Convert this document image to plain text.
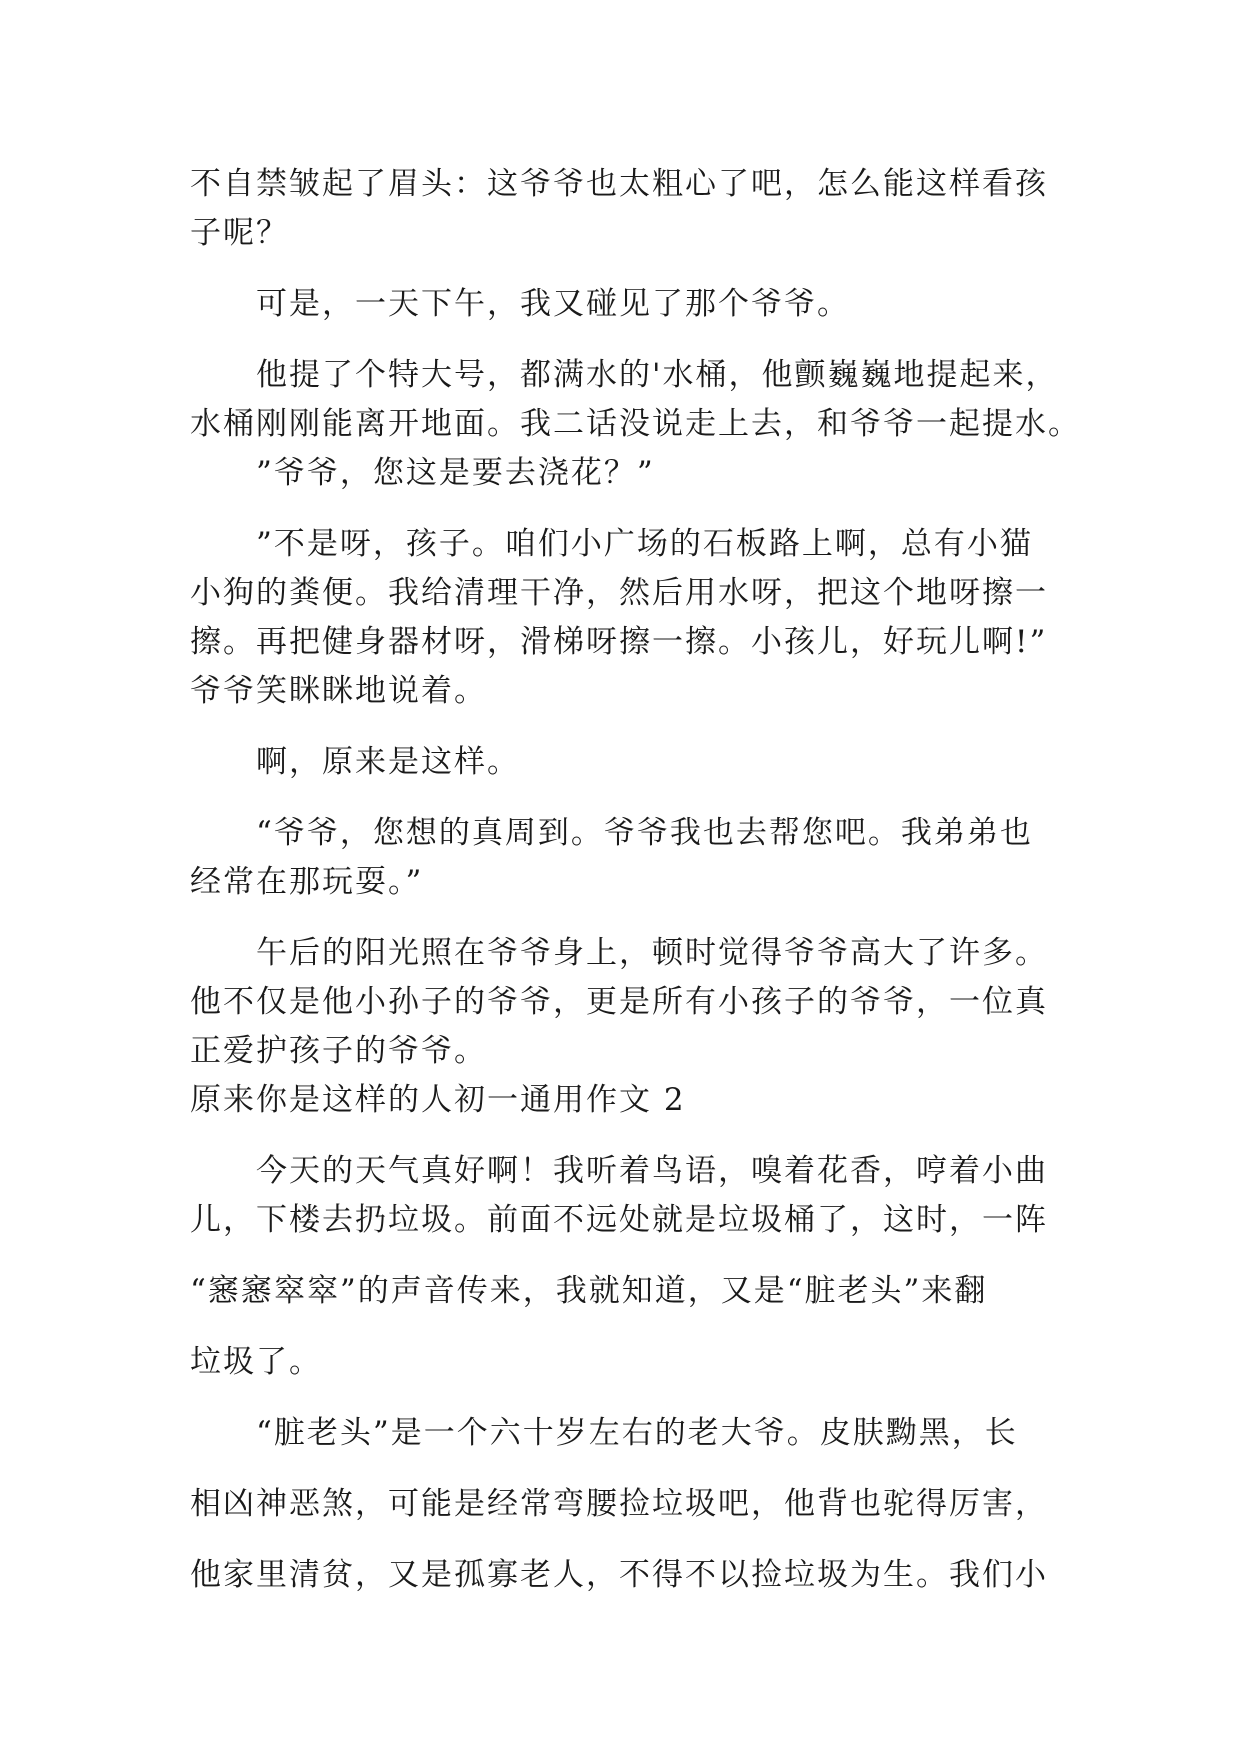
不自禁皱起了眉头：这爷爷也太粗心了吧，怎么能这样看孩
子呢？
　　可是，一天下午，我又碰见了那个爷爷。
　　他提了个特大号，都满水的'水桶，他颤巍巍地提起来，
水桶刚刚能离开地面。我二话没说走上去，和爷爷一起提水。
　　”爷爷，您这是要去浇花？”
　　”不是呀，孩子。咱们小广场的石板路上啊，总有小猫
小狗的粪便。我给清理干净，然后用水呀，把这个地呀擦一
擦。再把健身器材呀，滑梯呀擦一擦。小孩儿，好玩儿啊!”
爷爷笑眯眯地说着。
　　啊，原来是这样。
　　“爷爷，您想的真周到。爷爷我也去帮您吧。我弟弟也
经常在那玩耍。”
　　午后的阳光照在爷爷身上，顿时觉得爷爷高大了许多。
他不仅是他小孙子的爷爷，更是所有小孩子的爷爷，一位真
正爱护孩子的爷爷。
原来你是这样的人初一通用作文 2
　　今天的天气真好啊！我听着鸟语，嗅着花香，哼着小曲
儿，下楼去扔垃圾。前面不远处就是垃圾桶了，这时，一阵
“窸窸窣窣”的声音传来，我就知道，又是“脏老头”来翻
垃圾了。
　　“脏老头”是一个六十岁左右的老大爷。皮肤黝黑，长
相凶神恶煞，可能是经常弯腰捡垃圾吧，他背也驼得厉害，
他家里清贫，又是孤寡老人，不得不以捡垃圾为生。我们小
